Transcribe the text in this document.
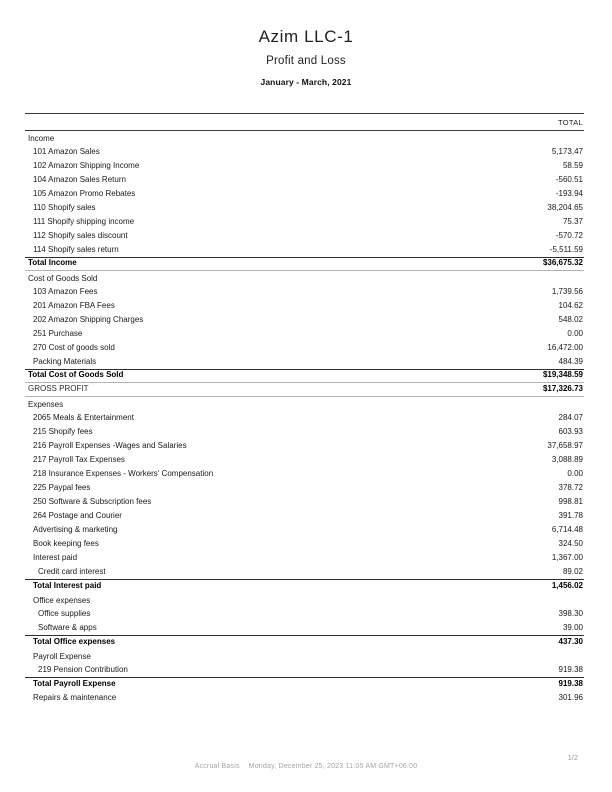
Azim LLC-1
Profit and Loss
January - March, 2021
TOTAL
Income
101 Amazon Sales	5,173.47
102 Amazon Shipping Income	58.59
104 Amazon Sales Return	-560.51
105 Amazon Promo Rebates	-193.94
110 Shopify sales	38,204.65
111 Shopify shipping income	75.37
112 Shopify sales discount	-570.72
114 Shopify sales return	-5,511.59
Total Income	$36,675.32
Cost of Goods Sold
103 Amazon Fees	1,739.56
201 Amazon FBA Fees	104.62
202 Amazon Shipping Charges	548.02
251 Purchase	0.00
270 Cost of goods sold	16,472.00
Packing Materials	484.39
Total Cost of Goods Sold	$19,348.59
GROSS PROFIT	$17,326.73
Expenses
2065 Meals & Entertainment	284.07
215 Shopify fees	603.93
216 Payroll Expenses -Wages and Salaries	37,658.97
217 Payroll Tax Expenses	3,088.89
218 Insurance Expenses - Workers' Compensation	0.00
225 Paypal fees	378.72
250 Software & Subscription fees	998.81
264 Postage and Courier	391.78
Advertising & marketing	6,714.48
Book keeping fees	324.50
Interest paid	1,367.00
Credit card interest	89.02
Total Interest paid	1,456.02
Office expenses
Office supplies	398.30
Software & apps	39.00
Total Office expenses	437.30
Payroll Expense
219 Pension Contribution	919.38
Total Payroll Expense	919.38
Repairs & maintenance	301.96
Accrual Basis Monday, December 25, 2023 11:05 AM GMT+06:00
1/2
